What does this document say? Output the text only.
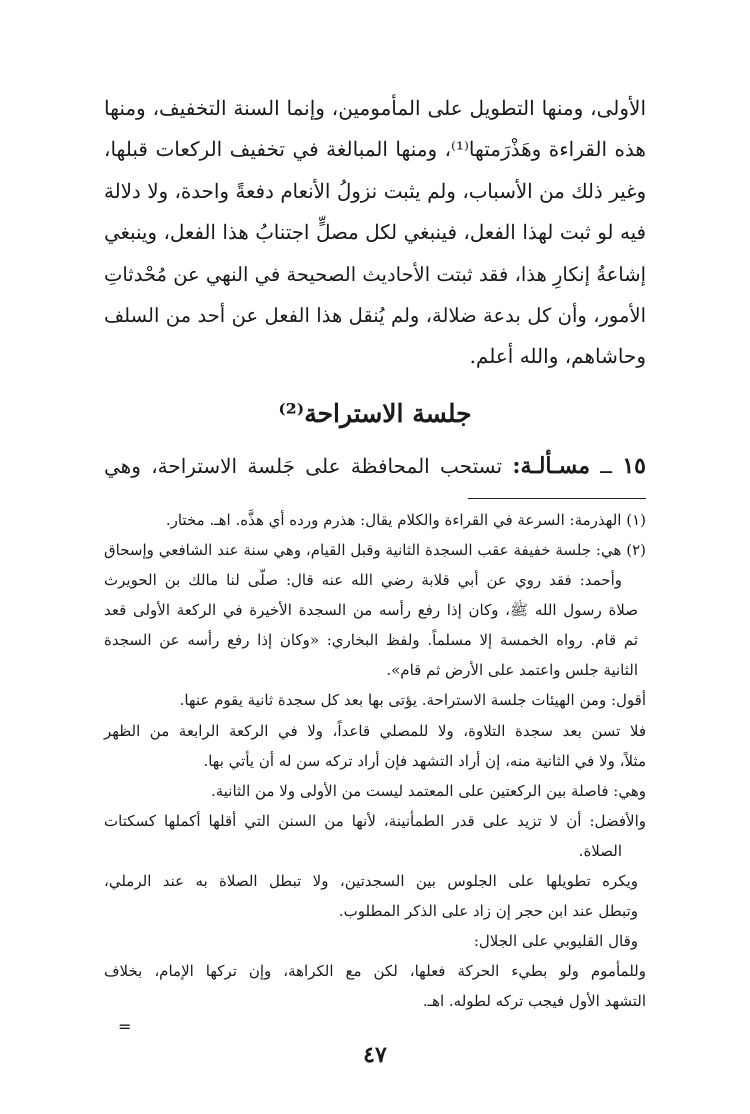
الأولى، ومنها التطويل على المأمومين، وإنما السنة التخفيف، ومنها

هذه القراءة وهَذْرَمتها⁽¹⁾، ومنها المبالغة في تخفيف الركعات قبلها،

وغير ذلك من الأسباب، ولم يثبت نزولُ الأنعام دفعةً واحدة، ولا دلالة

فيه لو ثبت لهذا الفعل، فينبغي لكل مصلٍّ اجتنابُ هذا الفعل، وينبغي

إشاعةُ إنكارِ هذا، فقد ثبتت الأحاديث الصحيحة في النهي عن مُحْدثاتِ

الأمور، وأن كل بدعة ضلالة، ولم يُنقل هذا الفعل عن أحد من السلف

وحاشاهم، والله أعلم.

جلسة الاستراحة⁽²⁾
١٥ ــ مسـألـة: تستحب المحافظة على جَلسة الاستراحة، وهي

(١) الهذرمة: السرعة في القراءة والكلام يقال: هذرم ورده أي هذَّه. اهـ. مختار.

(٢) هي: جلسة خفيفة عقب السجدة الثانية وقبل القيام، وهي سنة عند الشافعي وإسحاق

وأحمد: فقد روي عن أبي قلابة رضي الله عنه قال: صلّى لنا مالك بن الحويرث

صلاة رسول الله ﷺ، وكان إذا رفع رأسه من السجدة الأخيرة في الركعة الأولى قعد

ثم قام. رواه الخمسة إلا مسلماً. ولفظ البخاري: «وكان إذا رفع رأسه عن السجدة

الثانية جلس واعتمد على الأرض ثم قام».

أقول: ومن الهيئات جلسة الاستراحة. يؤتى بها بعد كل سجدة ثانية يقوم عنها.

فلا تسن بعد سجدة التلاوة، ولا للمصلي قاعداً، ولا في الركعة الرابعة من الظهر

مثلاً، ولا في الثانية منه، إن أراد التشهد فإن أراد تركه سن له أن يأتي بها.

وهي: فاصلة بين الركعتين على المعتمد ليست من الأولى ولا من الثانية.

والأفضل: أن لا تزيد على قدر الطمأنينة، لأنها من السنن التي أقلها أكملها كسكتات

الصلاة.

ويكره تطويلها على الجلوس بين السجدتين، ولا تبطل الصلاة به عند الرملي،

وتبطل عند ابن حجر إن زاد على الذكر المطلوب.

وقال القليوبي على الجلال:

وللمأموم ولو بطيء الحركة فعلها، لكن مع الكراهة، وإن تركها الإمام، بخلاف

التشهد الأول فيجب تركه لطوله. اهـ.

=
٤٧
